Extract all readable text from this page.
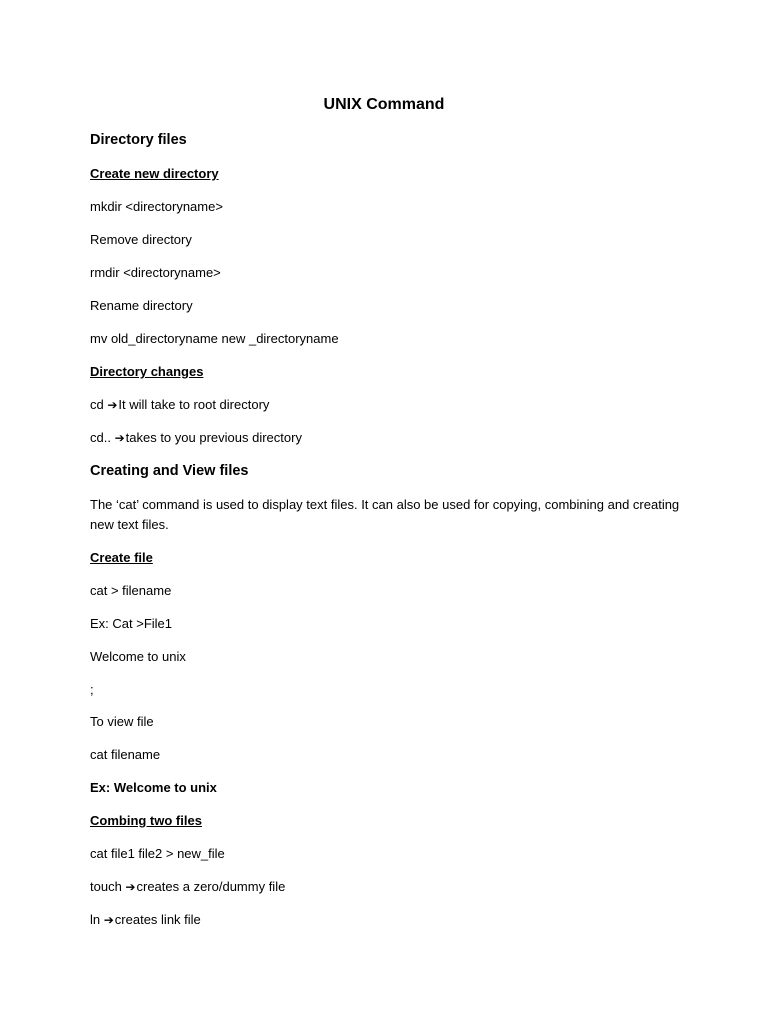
UNIX Command
Directory files
Create new directory
mkdir <directoryname>
Remove directory
rmdir <directoryname>
Rename directory
mv old_directoryname new _directoryname
Directory changes
cd ➔It will take to root directory
cd.. ➔takes to you previous directory
Creating and View files
The ‘cat’ command is used to display text files. It can also be used for copying, combining and creating new text files.
Create file
cat > filename
Ex: Cat >File1
Welcome to unix
;
To view file
cat filename
Ex: Welcome to unix
Combing two files
cat file1 file2 > new_file
touch ➔creates a zero/dummy file
ln ➔creates link file
